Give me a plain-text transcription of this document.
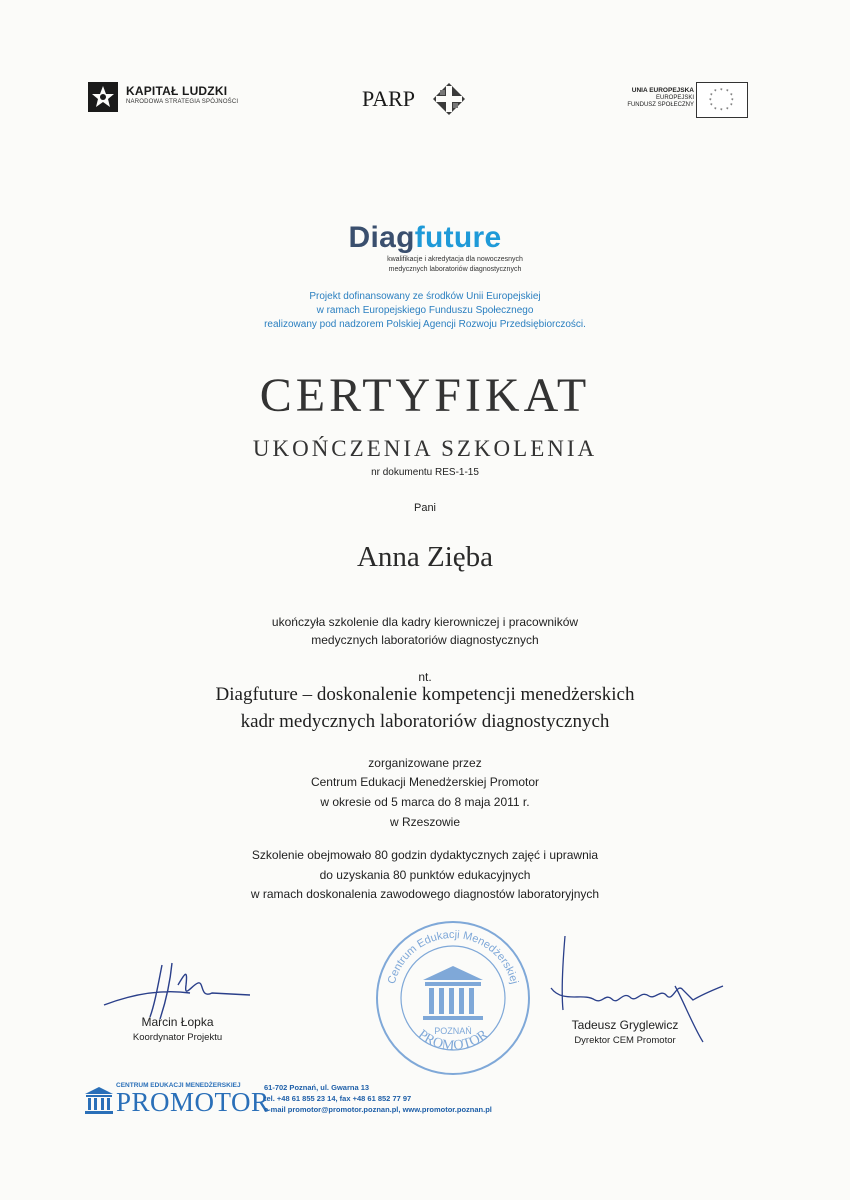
KAPITAŁ LUDZKI
NARODOWA STRATEGIA SPÓJNOŚCI	PARP	UNIA EUROPEJSKA
EUROPEJSKI
FUNDUSZ SPOŁECZNY
* *
*
*
*
*
*
*
*
*
*
*
Diagfuture
kwalifikacje i akredytacja dla nowoczesnych
medycznych laboratoriów diagnostycznych
Projekt dofinansowany ze środków Unii Europejskiej
w ramach Europejskiego Funduszu Społecznego
realizowany pod nadzorem Polskiej Agencji Rozwoju Przedsiębiorczości.
CERTYFIKAT
UKOŃCZENIA SZKOLENIA
nr dokumentu RES-1-15
Pani
Anna Zięba
ukończyła szkolenie dla kadry kierowniczej i pracowników
medycznych laboratoriów diagnostycznych
nt.
Diagfuture – doskonalenie kompetencji menedżerskich
kadr medycznych laboratoriów diagnostycznych
zorganizowane przez
Centrum Edukacji Menedżerskiej Promotor
w okresie od 5 marca do 8 maja 2011 r.
w Rzeszowie
Szkolenie obejmowało 80 godzin dydaktycznych zajęć i uprawnia
do uzyskania 80 punktów edukacyjnych
w ramach doskonalenia zawodowego diagnostów laboratoryjnych
Marcin Łopka
Koordynator Projektu
Centrum Edukacji Menedżerskiej
PROMOTOR
POZNAŃ	Tadeusz Gryglewicz
Dyrektor CEM Promotor
CENTRUM EDUKACJI MENEDŻERSKIEJ
PROMOTOR
61-702 Poznań, ul. Gwarna 13
tel. +48 61 855 23 14, fax +48 61 852 77 97
e-mail promotor@promotor.poznan.pl, www.promotor.poznan.pl
